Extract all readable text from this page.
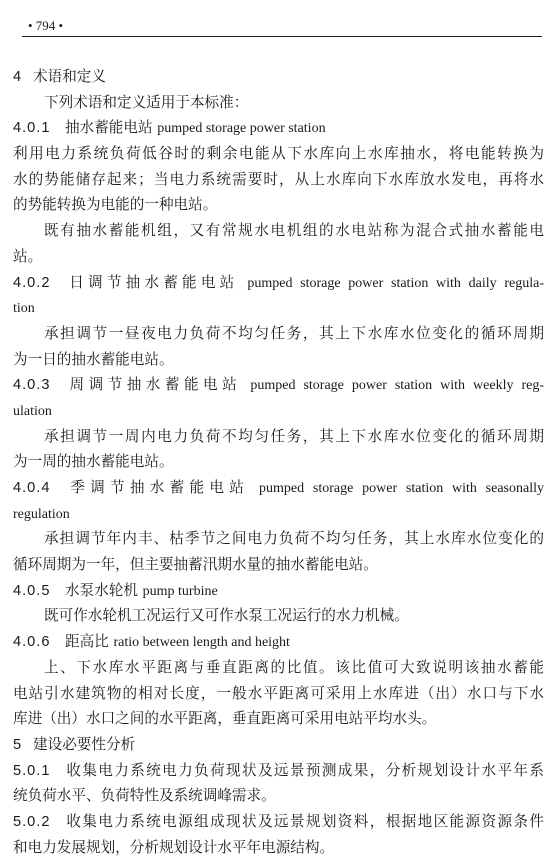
• 794 •
4 术语和定义
下列术语和定义适用于本标准：
4.0.1 抽水蓄能电站 pumped storage power station
利用电力系统负荷低谷时的剩余电能从下水库向上水库抽水，将电能转换为
水的势能储存起来；当电力系统需要时，从上水库向下水库放水发电，再将水
的势能转换为电能的一种电站。
既有抽水蓄能机组，又有常规水电机组的水电站称为混合式抽水蓄能电
站。
4.0.2 日调节抽水蓄能电站 pumped storage power station with daily regula-
tion
承担调节一昼夜电力负荷不均匀任务，其上下水库水位变化的循环周期
为一日的抽水蓄能电站。
4.0.3 周调节抽水蓄能电站 pumped storage power station with weekly reg-
ulation
承担调节一周内电力负荷不均匀任务，其上下水库水位变化的循环周期
为一周的抽水蓄能电站。
4.0.4 季调节抽水蓄能电站 pumped storage power station with seasonally
regulation
承担调节年内丰、枯季节之间电力负荷不均匀任务，其上水库水位变化的
循环周期为一年，但主要抽蓄汛期水量的抽水蓄能电站。
4.0.5 水泵水轮机 pump turbine
既可作水轮机工况运行又可作水泵工况运行的水力机械。
4.0.6 距高比 ratio between length and height
上、下水库水平距离与垂直距离的比值。该比值可大致说明该抽水蓄能
电站引水建筑物的相对长度，一般水平距离可采用上水库进（出）水口与下水
库进（出）水口之间的水平距离，垂直距离可采用电站平均水头。
5 建设必要性分析
5.0.1 收集电力系统电力负荷现状及远景预测成果，分析规划设计水平年系
统负荷水平、负荷特性及系统调峰需求。
5.0.2 收集电力系统电源组成现状及远景规划资料，根据地区能源资源条件
和电力发展规划，分析规划设计水平年电源结构。
